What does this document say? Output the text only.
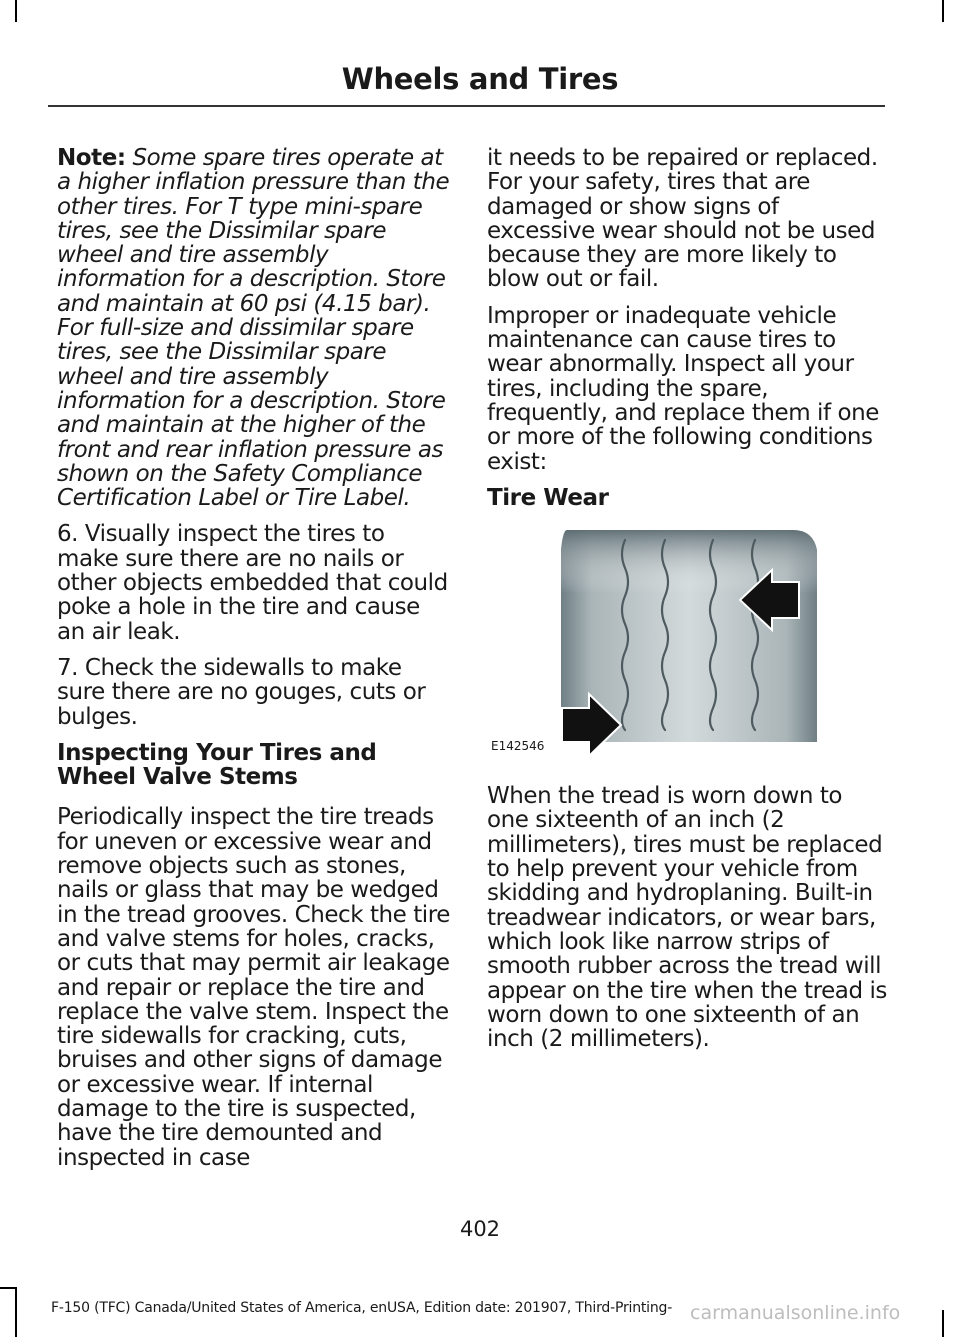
Wheels and Tires

Note: Some spare tires operate at a higher inflation pressure than the other tires. For T type mini-spare tires, see the Dissimilar spare wheel and tire assembly information for a description. Store and maintain at 60 psi (4.15 bar). For full-size and dissimilar spare tires, see the Dissimilar spare wheel and tire assembly information for a description. Store and maintain at the higher of the front and rear inflation pressure as shown on the Safety Compliance Certification Label or Tire Label.

6. Visually inspect the tires to make sure there are no nails or other objects embedded that could poke a hole in the tire and cause an air leak.

7. Check the sidewalls to make sure there are no gouges, cuts or bulges.

Inspecting Your Tires and Wheel Valve Stems

Periodically inspect the tire treads for uneven or excessive wear and remove objects such as stones, nails or glass that may be wedged in the tread grooves. Check the tire and valve stems for holes, cracks, or cuts that may permit air leakage and repair or replace the tire and replace the valve stem. Inspect the tire sidewalls for cracking, cuts, bruises and other signs of damage or excessive wear. If internal damage to the tire is suspected, have the tire demounted and inspected in case

it needs to be repaired or replaced. For your safety, tires that are damaged or show signs of excessive wear should not be used because they are more likely to blow out or fail.

Improper or inadequate vehicle maintenance can cause tires to wear abnormally. Inspect all your tires, including the spare, frequently, and replace them if one or more of the following conditions exist:

Tire Wear
E142546

When the tread is worn down to one sixteenth of an inch (2 millimeters), tires must be replaced to help prevent your vehicle from skidding and hydroplaning. Built-in treadwear indicators, or wear bars, which look like narrow strips of smooth rubber across the tread will appear on the tire when the tread is worn down to one sixteenth of an inch (2 millimeters).

402
F-150 (TFC) Canada/United States of America, enUSA, Edition date: 201907, Third-Printing- carmanualsonline.info
